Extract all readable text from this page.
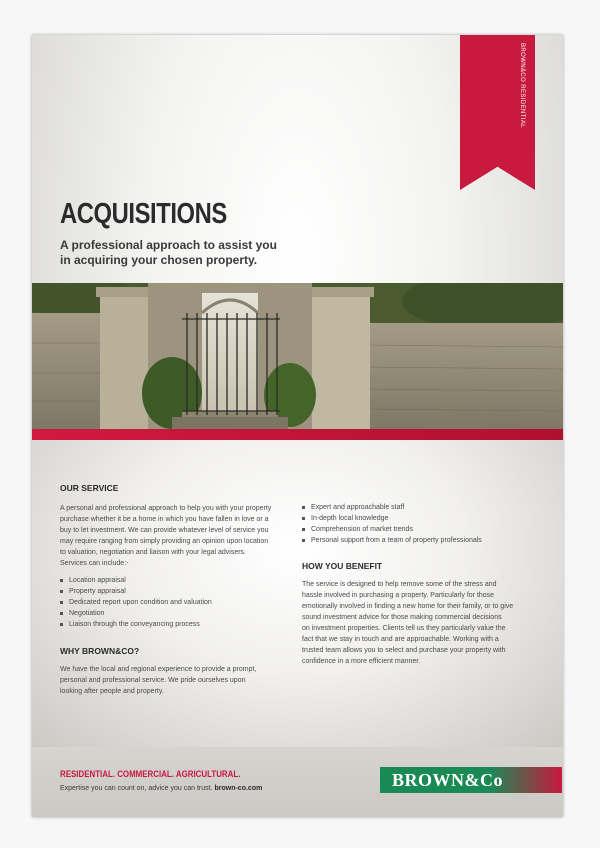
BROWN&CO RESIDENTIAL
ACQUISITIONS

A professional approach to assist you
in acquiring your chosen property.

OUR SERVICE
A personal and professional approach to help you with your property
purchase whether it be a home in which you have fallen in love or a
buy to let investment. We can provide whatever level of service you
may require ranging from simply providing an opinion upon location
to valuation, negotiation and liaison with your legal advisers.
Services can include:-
Location appraisal
Property appraisal
Dedicated report upon condition and valuation
Negotiation
Liaison through the conveyancing process
WHY BROWN&CO?
We have the local and regional experience to provide a prompt,
personal and professional service. We pride ourselves upon
looking after people and property.
Expert and approachable staff
In-depth local knowledge
Comprehension of market trends
Personal support from a team of property professionals
HOW YOU BENEFIT
The service is designed to help remove some of the stress and
hassle involved in purchasing a property. Particularly for those
emotionally involved in finding a new home for their family, or to give
sound investment advice for those making commercial decisions
on investment properties. Clients tell us they particularly value the
fact that we stay in touch and are approachable. Working with a
trusted team allows you to select and purchase your property with
confidence in a more efficient manner.

RESIDENTIAL. COMMERCIAL. AGRICULTURAL.

Expertise you can count on, advice you can trust. brown-co.com	BROWN&Co
